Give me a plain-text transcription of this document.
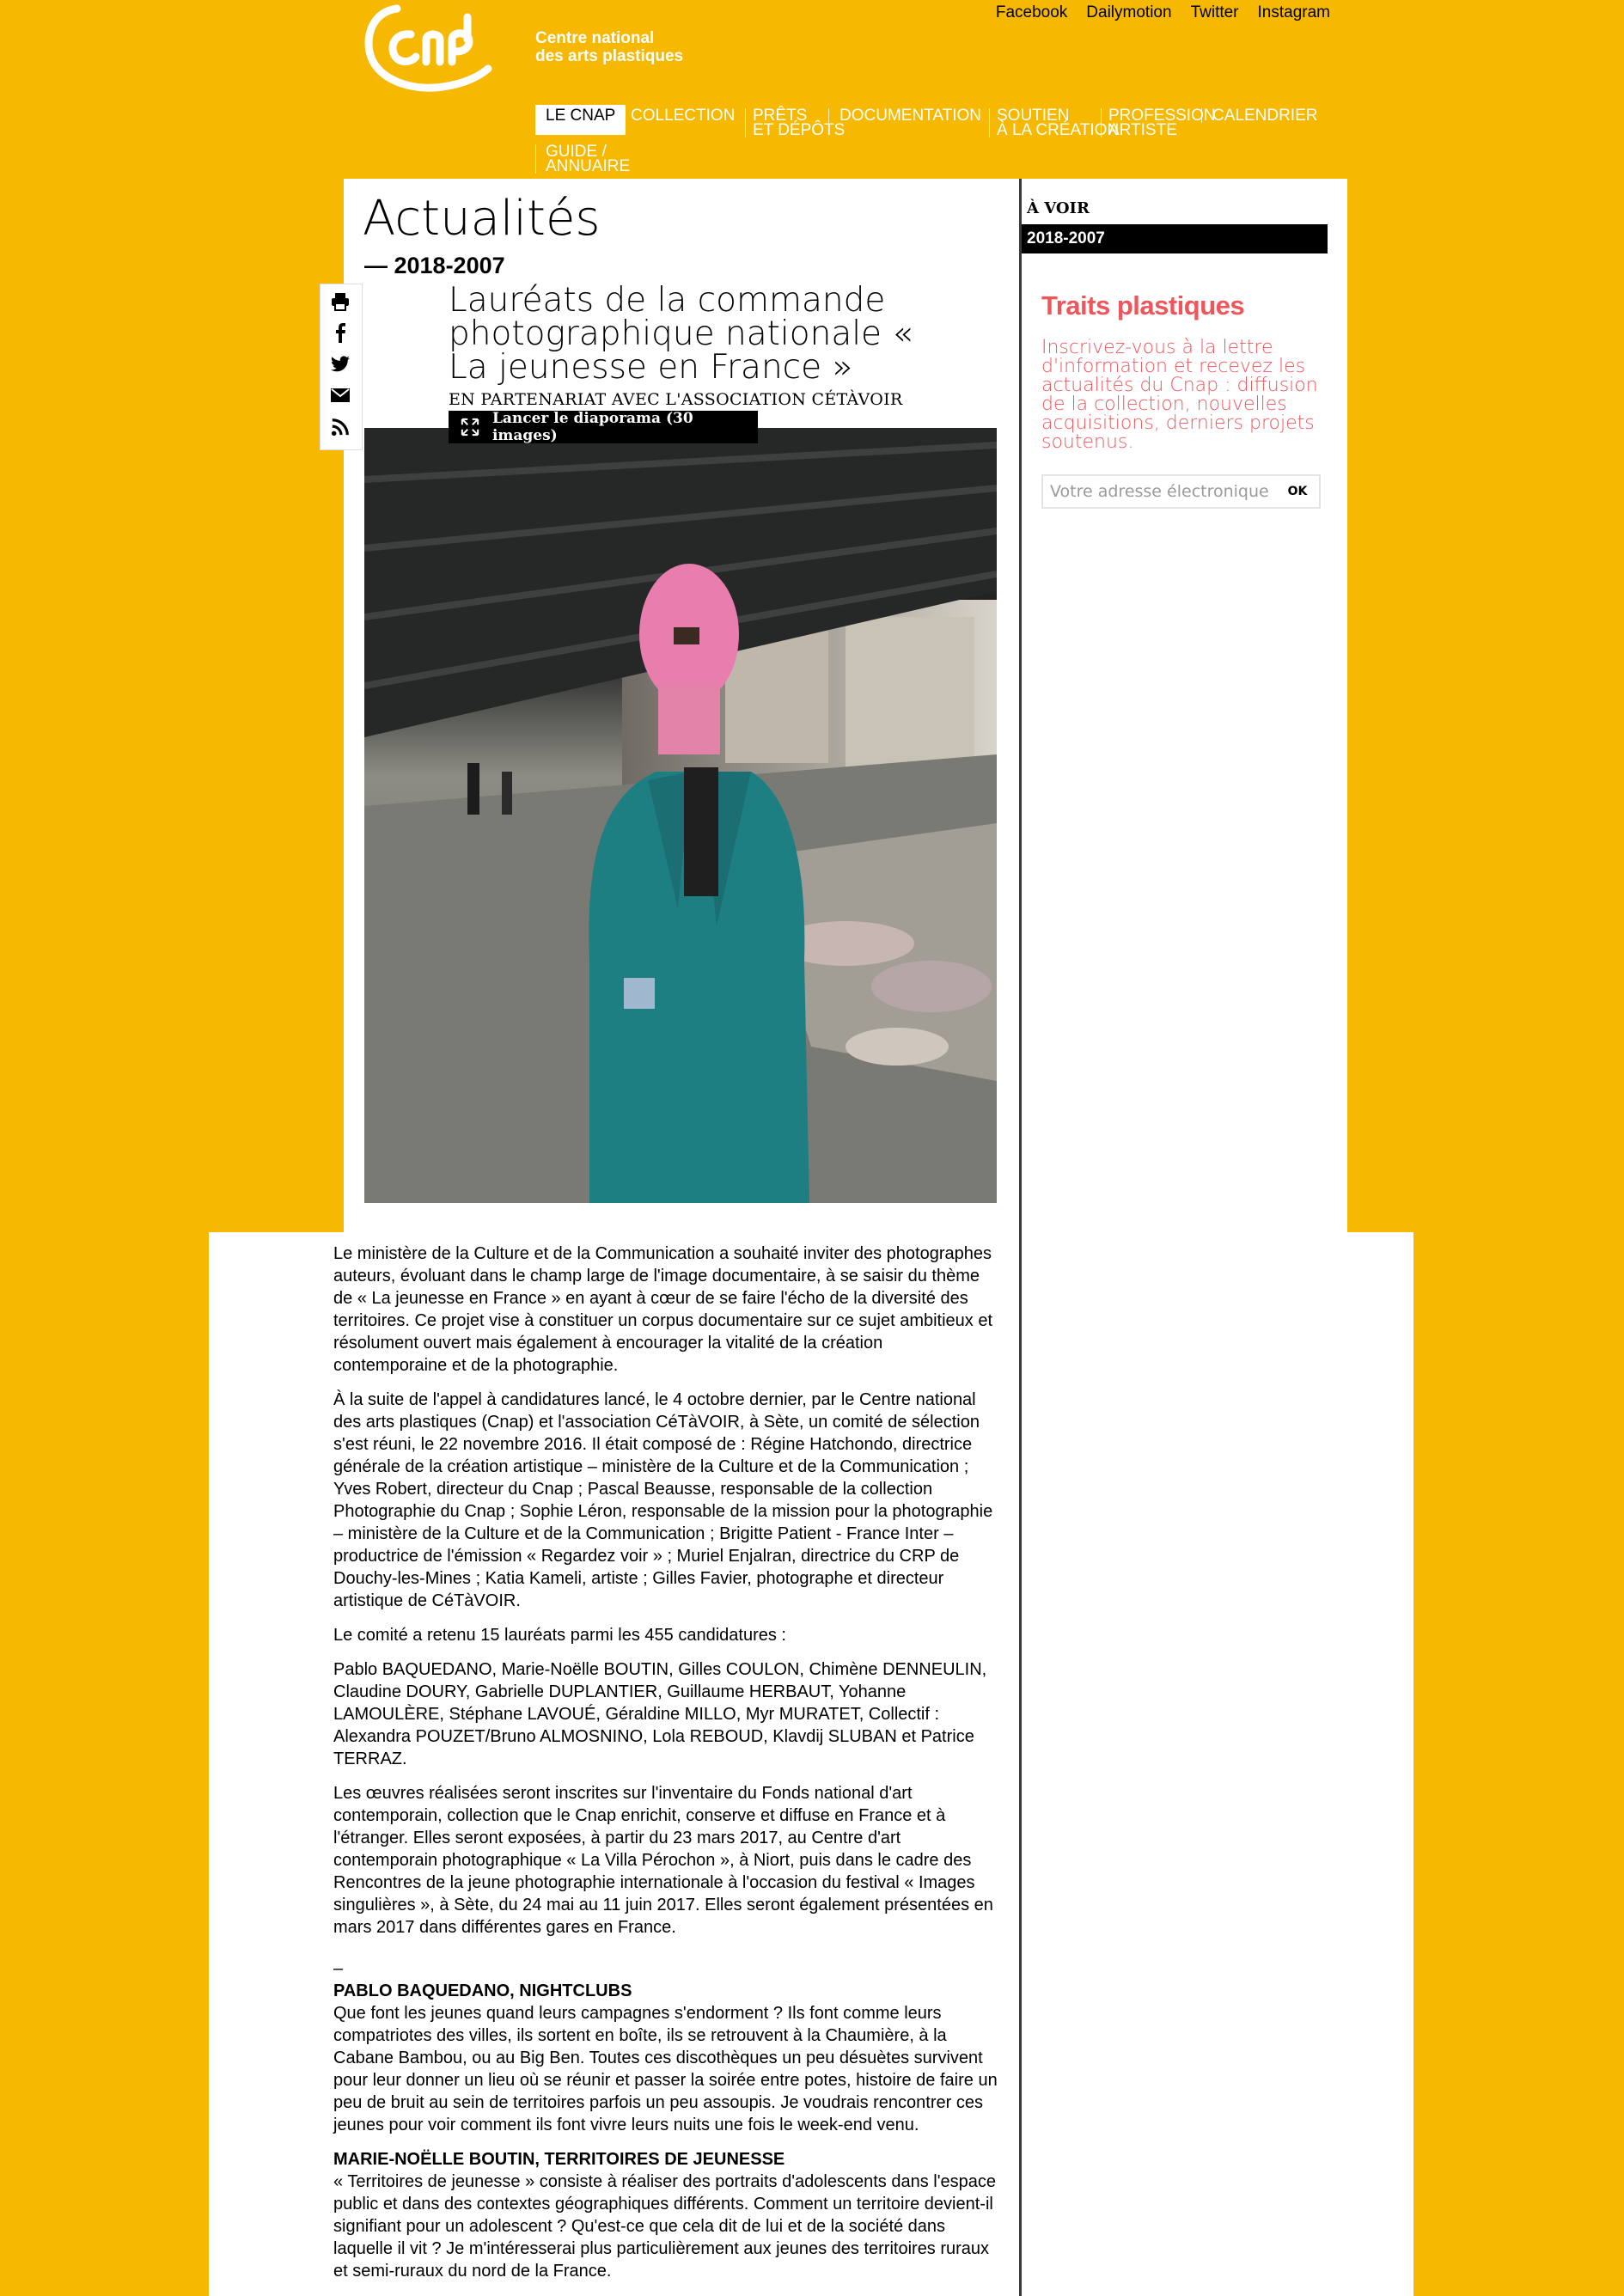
Centre national
des arts plastiques
Facebook Dailymotion Twitter Instagram
LE CNAP COLLECTION	PRÊTS
ET DÉPÔTS
DOCUMENTATION SOUTIEN
À LA CRÉATION
PROFESSION
ARTISTE
CALENDRIER
GUIDE /
ANNUAIRE
Actualités
— 2018-2007
Lauréats de la commande photographique nationale « La jeunesse en France »
EN PARTENARIAT AVEC L'ASSOCIATION CÉTÀVOIR
Lancer le diaporama (30 images)

Le ministère de la Culture et de la Communication a souhaité inviter des photographes auteurs, évoluant dans le champ large de l'image documentaire, à se saisir du thème de « La jeunesse en France » en ayant à cœur de se faire l'écho de la diversité des territoires. Ce projet vise à constituer un corpus documentaire sur ce sujet ambitieux et résolument ouvert mais également à encourager la vitalité de la création contemporaine et de la photographie.

À la suite de l'appel à candidatures lancé, le 4 octobre dernier, par le Centre national des arts plastiques (Cnap) et l'association CéTàVOIR, à Sète, un comité de sélection s'est réuni, le 22 novembre 2016. Il était composé de : Régine Hatchondo, directrice générale de la création artistique – ministère de la Culture et de la Communication ; Yves Robert, directeur du Cnap ; Pascal Beausse, responsable de la collection Photographie du Cnap ; Sophie Léron, responsable de la mission pour la photographie – ministère de la Culture et de la Communication ; Brigitte Patient - France Inter – productrice de l'émission « Regardez voir » ; Muriel Enjalran, directrice du CRP de Douchy-les-Mines ; Katia Kameli, artiste ; Gilles Favier, photographe et directeur artistique de CéTàVOIR.

Le comité a retenu 15 lauréats parmi les 455 candidatures :

Pablo BAQUEDANO, Marie-Noëlle BOUTIN, Gilles COULON, Chimène DENNEULIN, Claudine DOURY, Gabrielle DUPLANTIER, Guillaume HERBAUT, Yohanne LAMOULÈRE, Stéphane LAVOUÉ, Géraldine MILLO, Myr MURATET, Collectif : Alexandra POUZET/Bruno ALMOSNINO, Lola REBOUD, Klavdij SLUBAN et Patrice TERRAZ.

Les œuvres réalisées seront inscrites sur l'inventaire du Fonds national d'art contemporain, collection que le Cnap enrichit, conserve et diffuse en France et à l'étranger. Elles seront exposées, à partir du 23 mars 2017, au Centre d'art contemporain photographique « La Villa Pérochon », à Niort, puis dans le cadre des Rencontres de la jeune photographie internationale à l'occasion du festival « Images singulières », à Sète, du 24 mai au 11 juin 2017. Elles seront également présentées en mars 2017 dans différentes gares en France.

–

PABLO BAQUEDANO, NIGHTCLUBS

Que font les jeunes quand leurs campagnes s'endorment ? Ils font comme leurs compatriotes des villes, ils sortent en boîte, ils se retrouvent à la Chaumière, à la Cabane Bambou, ou au Big Ben. Toutes ces discothèques un peu désuètes survivent pour leur donner un lieu où se réunir et passer la soirée entre potes, histoire de faire un peu de bruit au sein de territoires parfois un peu assoupis. Je voudrais rencontrer ces jeunes pour voir comment ils font vivre leurs nuits une fois le week-end venu.

MARIE-NOËLLE BOUTIN, TERRITOIRES DE JEUNESSE

« Territoires de jeunesse » consiste à réaliser des portraits d'adolescents dans l'espace public et dans des contextes géographiques différents. Comment un territoire devient-il signifiant pour un adolescent ? Qu'est-ce que cela dit de lui et de la société dans laquelle il vit ? Je m'intéresserai plus particulièrement aux jeunes des territoires ruraux et semi-ruraux du nord de la France.

À VOIR
2018-2007
Traits plastiques
Inscrivez-vous à la lettre d'information et recevez les actualités du Cnap : diffusion de la collection, nouvelles acquisitions, derniers projets soutenus.
Votre adresse électronique
OK
